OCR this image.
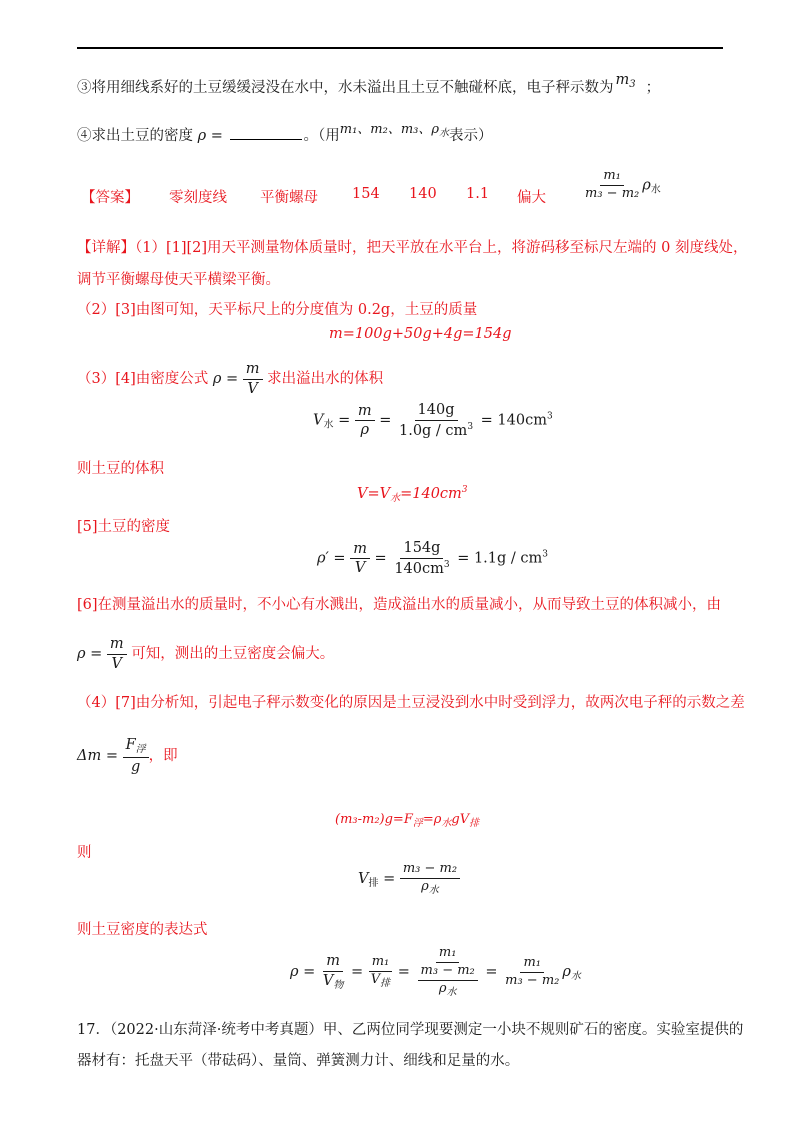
③将用细线系好的土豆缓缓浸没在水中，水未溢出且土豆不触碰杯底，电子秤示数为 $m_3$ ；
④求出土豆的密度 ρ =	。（用m₁、m₂、m₃、$\rho_水$表示）
【答案】 零刻度线 平衡螺母 154 140 1.1 偏大	$\frac{\text{m₁}}{\text{m₃ − m₂}} \rho_水$
【详解】（1）[1][2]用天平测量物体质量时，把天平放在水平台上，将游码移至标尺左端的 0 刻度线处，
调节平衡螺母使天平横梁平衡。
（2）[3]由图可知，天平标尺上的分度值为 0.2g，土豆的质量
m=100g+50g+4g=154g
（3）[4]由密度公式 $\rho = \frac{m}{V}$ 求出溢出水的体积
$V_水 = \frac{m}{\rho} = \frac{140g}{1.0g / cm^3} = 140cm^3$
则土豆的体积
$V=V_水=140cm^3$
[5]土豆的密度
$\rho' = \frac{m}{V} = \frac{154g}{140cm^3} = 1.1g / cm^3$
[6]在测量溢出水的质量时，不小心有水溅出，造成溢出水的质量减小，从而导致土豆的体积减小，由
$\rho = \frac{m}{V}$ 可知，测出的土豆密度会偏大。
（4）[7]由分析知，引起电子秤示数变化的原因是土豆浸没到水中时受到浮力，故两次电子秤的示数之差
$\Delta m = \frac{F_浮}{g}$ ，即
$(m_3-m_2)g=F_浮=\rho_水gV_排$
则
$V_排 = \frac{\text{m₃ − m₂}}{\rho_水}$
则土豆密度的表达式
$\rho = \frac{m}{V_物} = \frac{\text{m₁}}{V_排} = \frac{\text{m₁}}{\frac{\text{m₃ − m₂}}{\rho_水}} = \frac{\text{m₁}}{\text{m₃ − m₂}} \rho_水$
17．（2022·山东菏泽·统考中考真题）甲、乙两位同学现要测定一小块不规则矿石的密度。实验室提供的
器材有：托盘天平（带砝码）、量筒、弹簧测力计、细线和足量的水。
